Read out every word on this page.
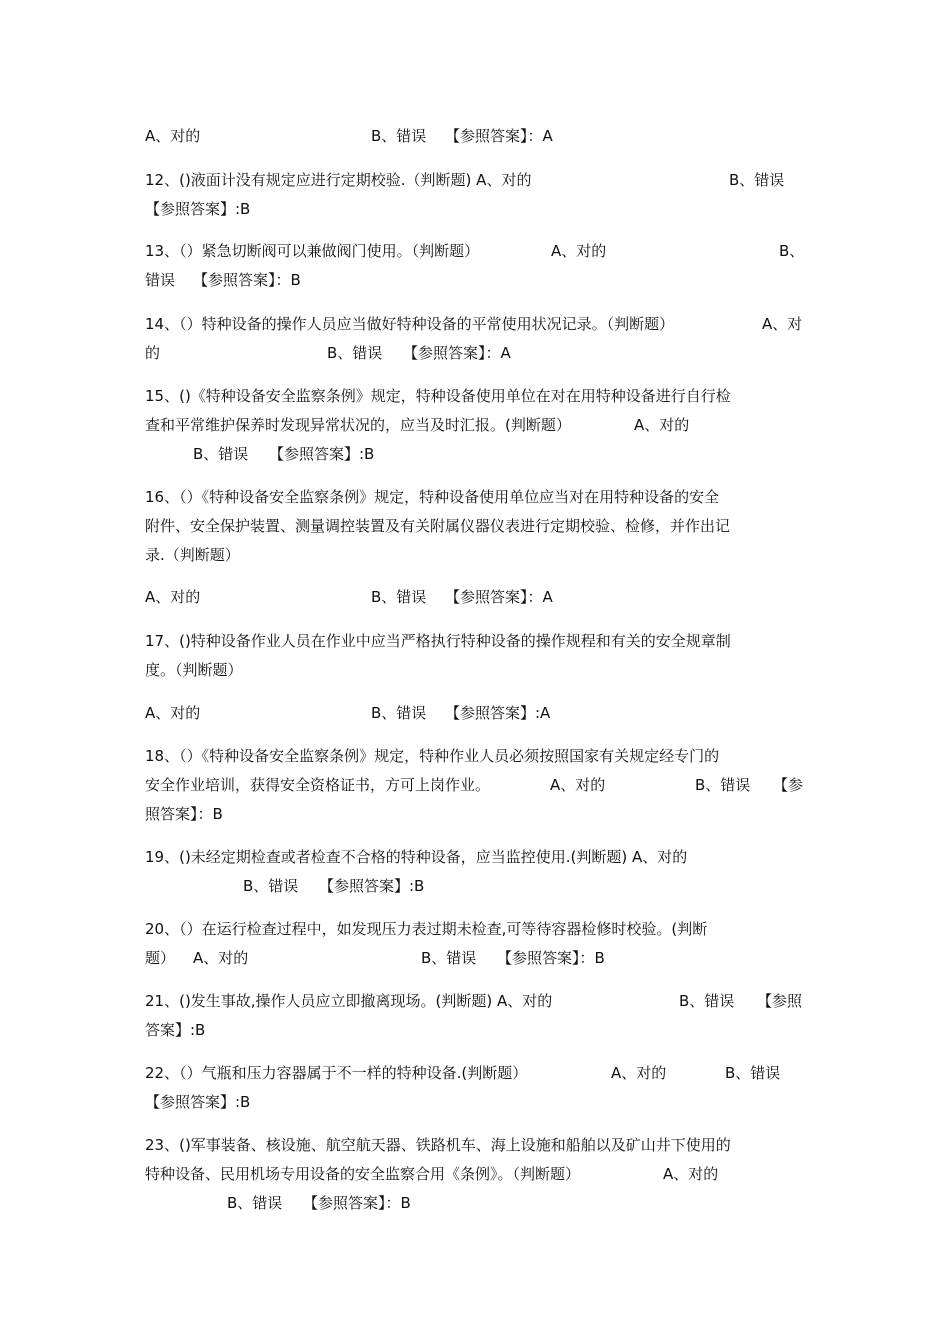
A、对的	B、错误 【参照答案】：A
12、()液面计没有规定应进行定期校验.（判断题) A、对的	B、错误
【参照答案】:B
13、（）紧急切断阀可以兼做阀门使用。（判断题）	A、对的	B、
错误 【参照答案】：B
14、（）特种设备的操作人员应当做好特种设备的平常使用状况记录。（判断题）	A、对
的	B、错误 【参照答案】：A
15、()《特种设备安全监察条例》规定，特种设备使用单位在对在用特种设备进行自行检
查和平常维护保养时发现异常状况的，应当及时汇报。(判断题）	A、对的
B、错误 【参照答案】:B
16、（）《特种设备安全监察条例》规定，特种设备使用单位应当对在用特种设备的安全
附件、安全保护装置、测量调控装置及有关附属仪器仪表进行定期校验、检修，并作出记
录.（判断题）
A、对的	B、错误 【参照答案】：A
17、()特种设备作业人员在作业中应当严格执行特种设备的操作规程和有关的安全规章制
度。（判断题）
A、对的	B、错误 【参照答案】:A
18、（）《特种设备安全监察条例》规定，特种作业人员必须按照国家有关规定经专门的
安全作业培训，获得安全资格证书，方可上岗作业。	A、对的	B、错误 【参
照答案】：B
19、()未经定期检查或者检查不合格的特种设备，应当监控使用.(判断题) A、对的
B、错误 【参照答案】:B
20、（）在运行检查过程中，如发现压力表过期未检查,可等待容器检修时校验。(判断
题） A、对的	B、错误 【参照答案】：B
21、()发生事故,操作人员应立即撤离现场。(判断题) A、对的	B、错误 【参照
答案】:B
22、（）气瓶和压力容器属于不一样的特种设备.(判断题）	A、对的	B、错误
【参照答案】:B
23、()军事装备、核设施、航空航天器、铁路机车、海上设施和船舶以及矿山井下使用的
特种设备、民用机场专用设备的安全监察合用《条例》。（判断题）	A、对的
B、错误 【参照答案】：B
